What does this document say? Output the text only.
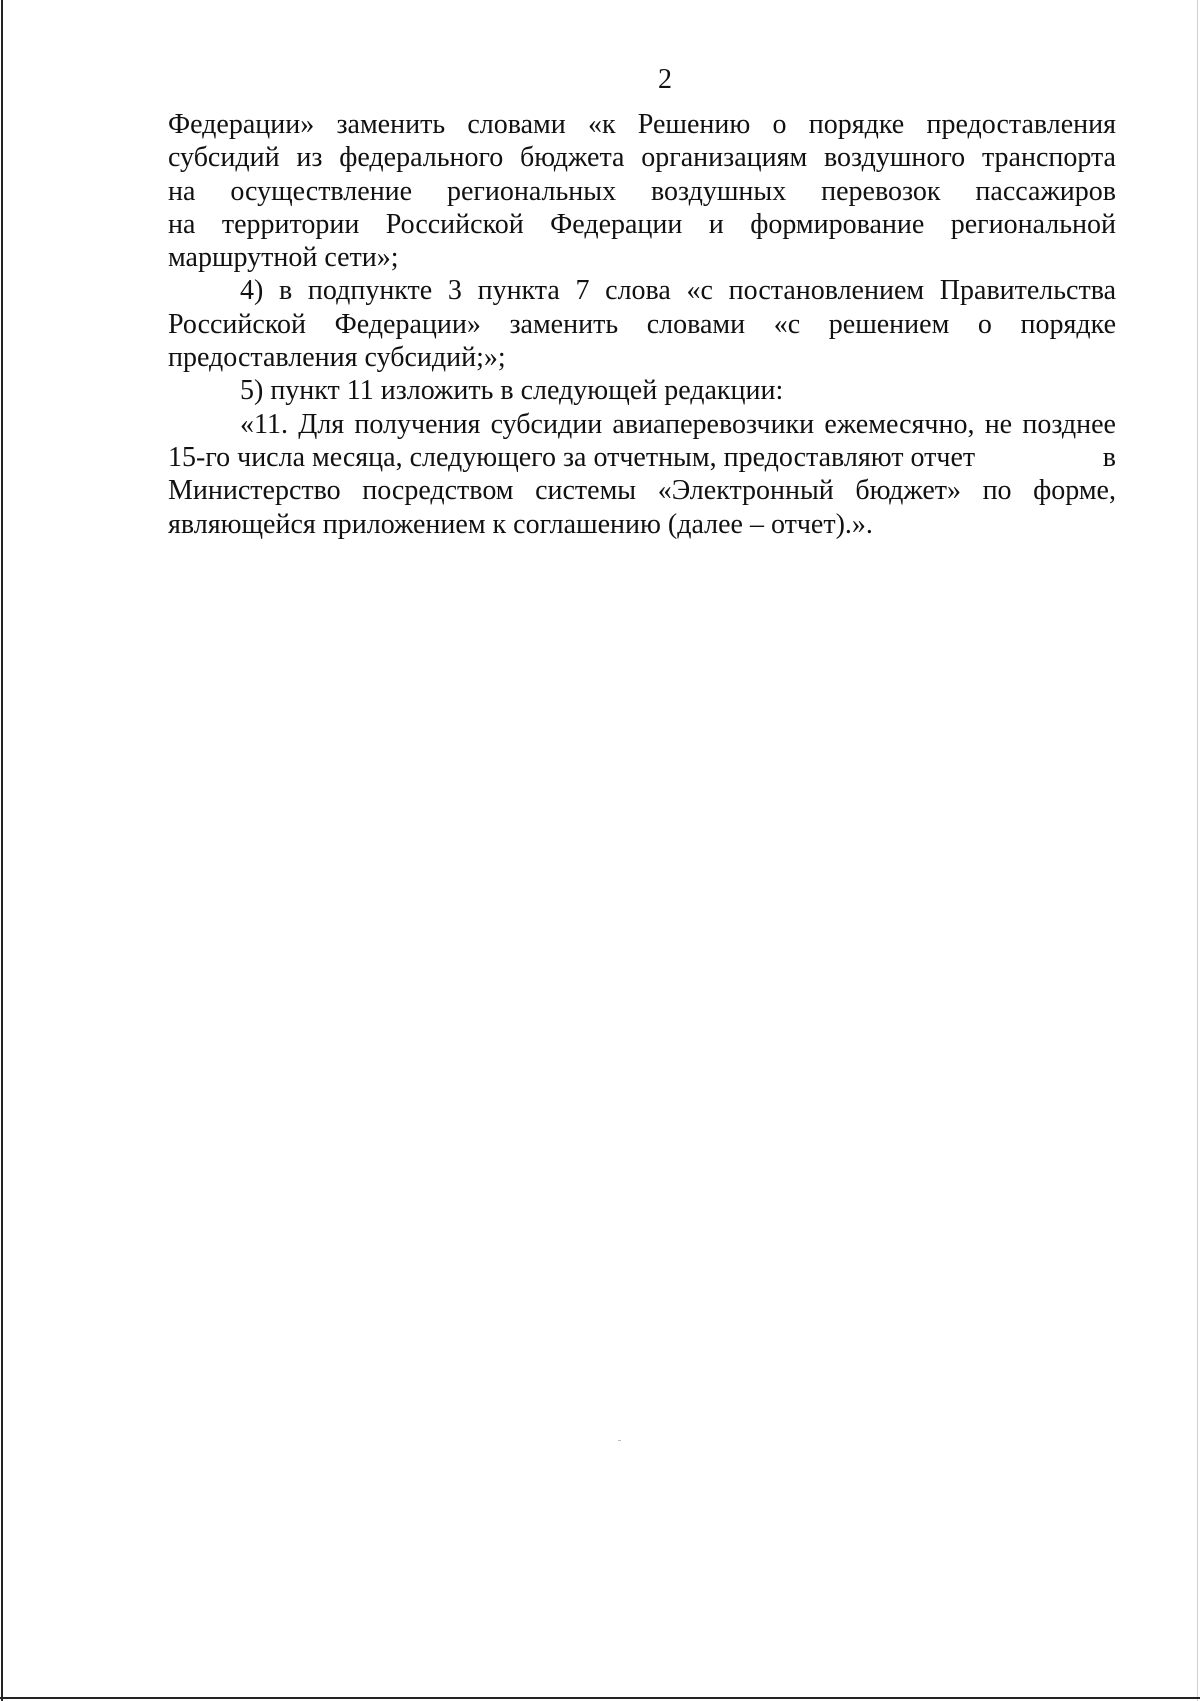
2
Федерации» заменить словами «к Решению о порядке предоставления
субсидий из федерального бюджета организациям воздушного транспорта
на осуществление региональных воздушных перевозок пассажиров
на территории Российской Федерации и формирование региональной
маршрутной сети»;
4) в подпункте 3 пункта 7 слова «с постановлением Правительства
Российской Федерации» заменить словами «с решением о порядке
предоставления субсидий;»;
5) пункт 11 изложить в следующей редакции:
«11. Для получения субсидии авиаперевозчики ежемесячно, не позднее
15-го числа месяца, следующего за отчетным, предоставляют отчет	в
Министерство посредством системы «Электронный бюджет» по форме,
являющейся приложением к соглашению (далее – отчет).».
